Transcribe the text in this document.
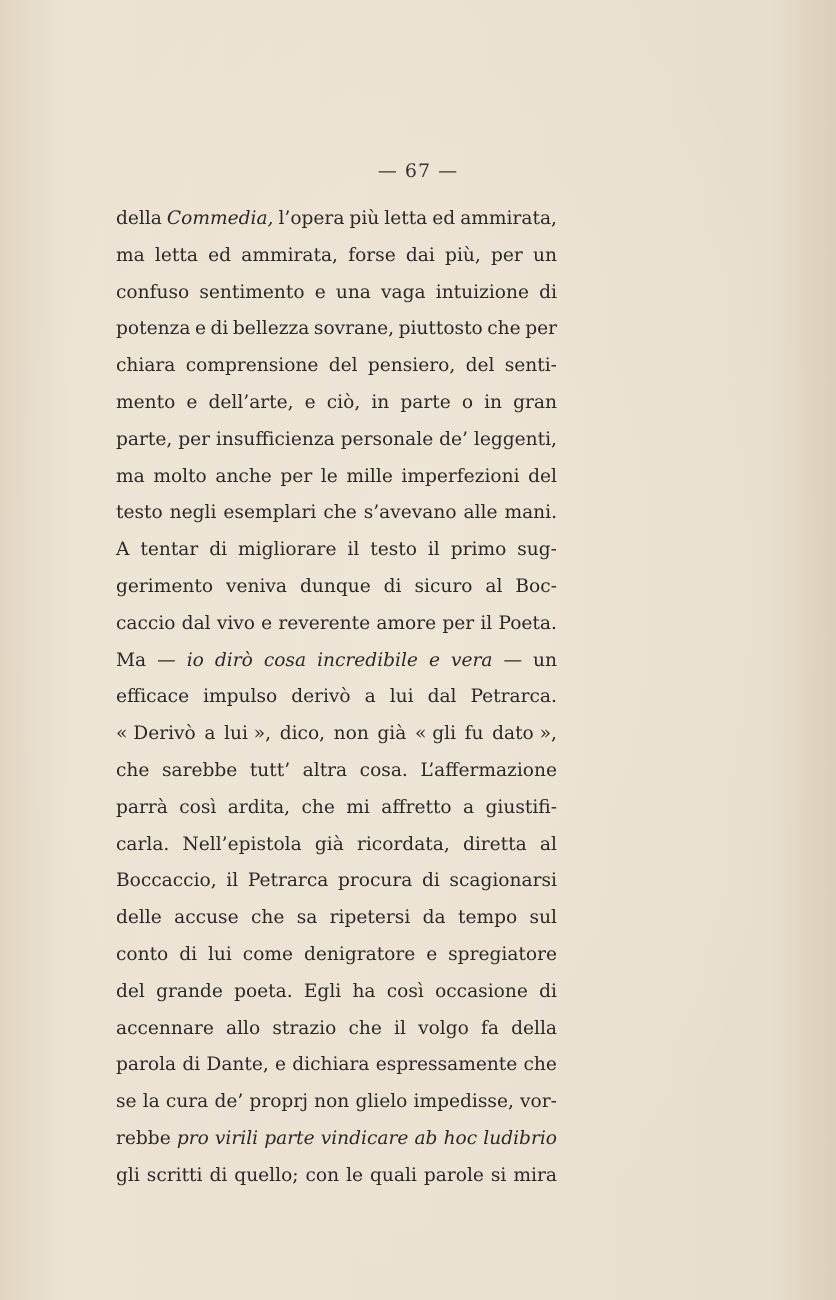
— 67 —
della Commedia, l’opera più letta ed ammirata,
ma letta ed ammirata, forse dai più, per un
confuso sentimento e una vaga intuizione di
potenza e di bellezza sovrane, piuttosto che per
chiara comprensione del pensiero, del senti-
mento e dell’arte, e ciò, in parte o in gran
parte, per insufficienza personale de’ leggenti,
ma molto anche per le mille imperfezioni del
testo negli esemplari che s’avevano alle mani.
A tentar di migliorare il testo il primo sug-
gerimento veniva dunque di sicuro al Boc-
caccio dal vivo e reverente amore per il Poeta.
Ma — io dirò cosa incredibile e vera — un
efficace impulso derivò a lui dal Petrarca.
« Derivò a lui », dico, non già « gli fu dato »,
che sarebbe tutt’ altra cosa. L’affermazione
parrà così ardita, che mi affretto a giustifi-
carla. Nell’epistola già ricordata, diretta al
Boccaccio, il Petrarca procura di scagionarsi
delle accuse che sa ripetersi da tempo sul
conto di lui come denigratore e spregiatore
del grande poeta. Egli ha così occasione di
accennare allo strazio che il volgo fa della
parola di Dante, e dichiara espressamente che
se la cura de’ proprj non glielo impedisse, vor-
rebbe pro virili parte vindicare ab hoc ludibrio
gli scritti di quello; con le quali parole si mira
